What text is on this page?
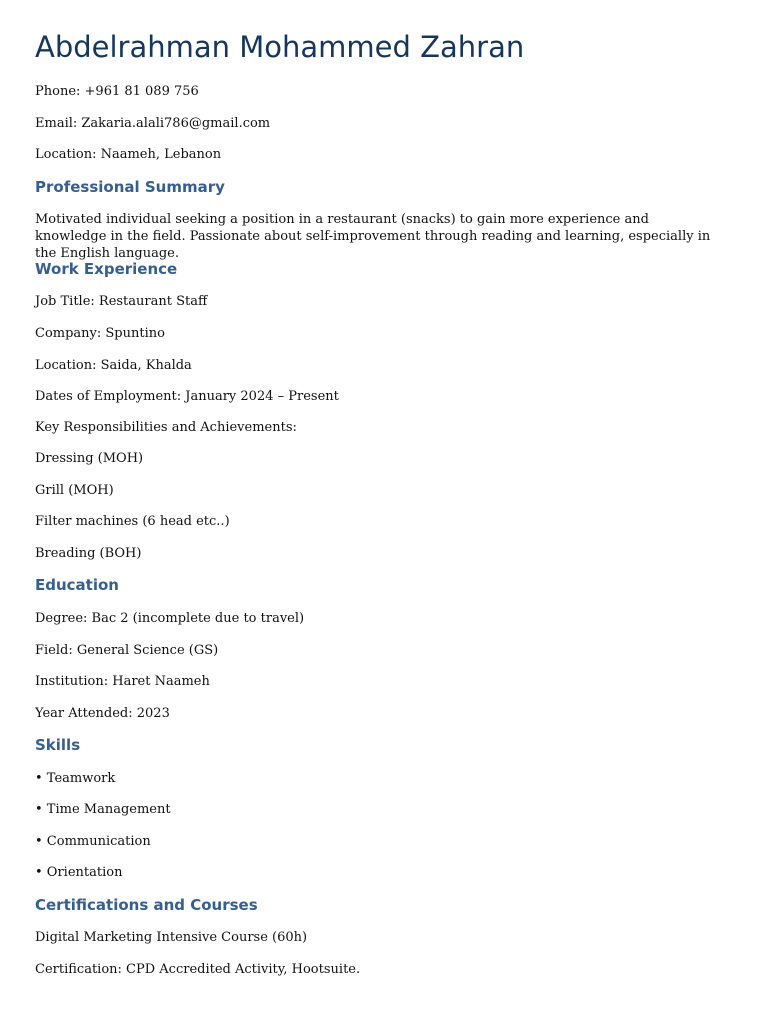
Abdelrahman Mohammed Zahran

Phone: +961 81 089 756

Email: Zakaria.alali786@gmail.com

Location: Naameh, Lebanon

Professional Summary

Motivated individual seeking a position in a restaurant (snacks) to gain more experience and knowledge in the field. Passionate about self-improvement through reading and learning, especially in the English language.

Work Experience

Job Title: Restaurant Staff

Company: Spuntino

Location: Saida, Khalda

Dates of Employment: January 2024 – Present

Key Responsibilities and Achievements:

Dressing (MOH)

Grill (MOH)

Filter machines (6 head etc..)

Breading (BOH)

Education

Degree: Bac 2 (incomplete due to travel)

Field: General Science (GS)

Institution: Haret Naameh

Year Attended: 2023

Skills

• Teamwork

• Time Management

• Communication

• Orientation

Certifications and Courses

Digital Marketing Intensive Course (60h)

Certification: CPD Accredited Activity, Hootsuite.
